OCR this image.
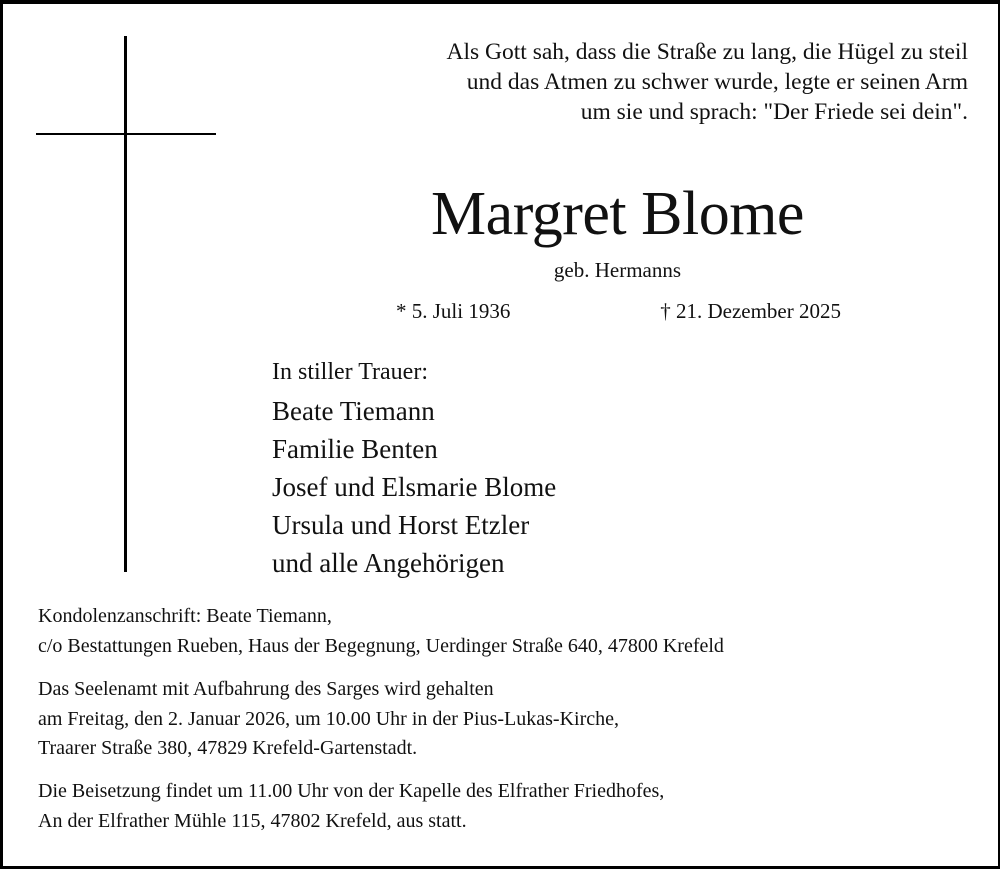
Als Gott sah, dass die Straße zu lang, die Hügel zu steil
und das Atmen zu schwer wurde, legte er seinen Arm
um sie und sprach: "Der Friede sei dein".
Margret Blome
geb. Hermanns
* 5. Juli 1936	† 21. Dezember 2025
In stiller Trauer:
Beate Tiemann
Familie Benten
Josef und Elsmarie Blome
Ursula und Horst Etzler
und alle Angehörigen
Kondolenzanschrift: Beate Tiemann,
c/o Bestattungen Rueben, Haus der Begegnung, Uerdinger Straße 640, 47800 Krefeld
Das Seelenamt mit Aufbahrung des Sarges wird gehalten
am Freitag, den 2. Januar 2026, um 10.00 Uhr in der Pius-Lukas-Kirche,
Traarer Straße 380, 47829 Krefeld-Gartenstadt.
Die Beisetzung findet um 11.00 Uhr von der Kapelle des Elfrather Friedhofes,
An der Elfrather Mühle 115, 47802 Krefeld, aus statt.
